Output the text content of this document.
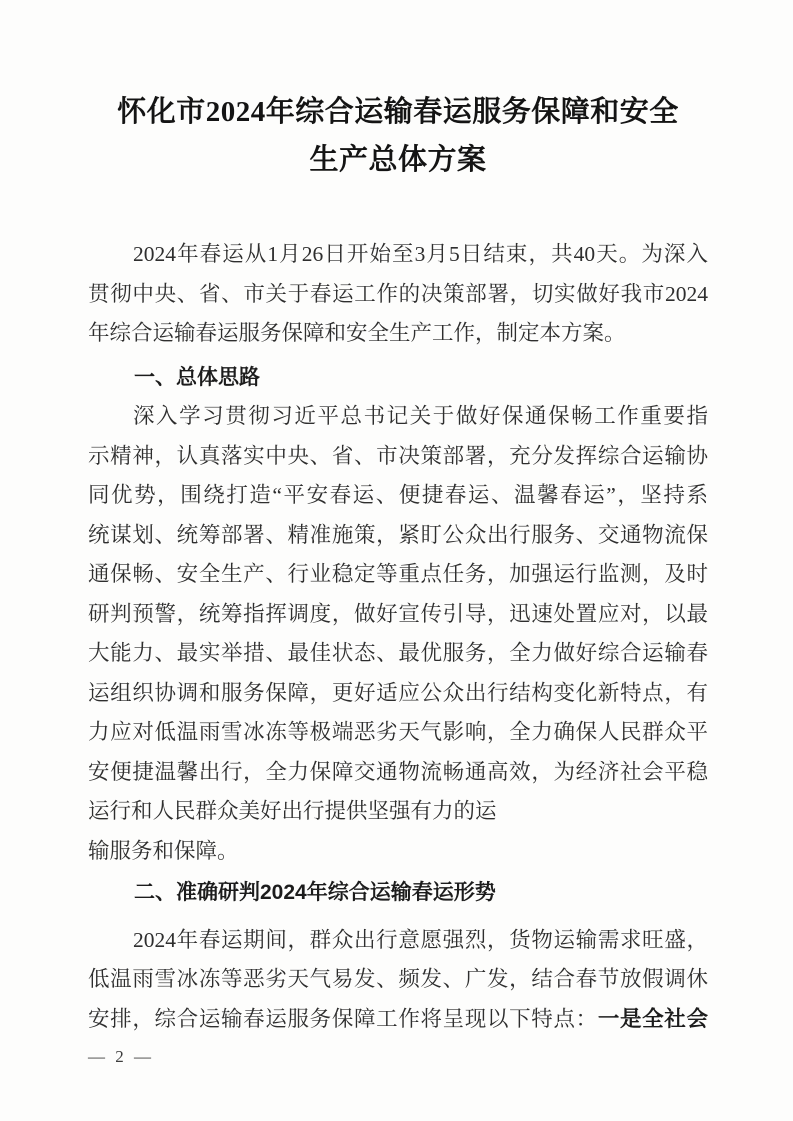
怀化市2024年综合运输春运服务保障和安全
生产总体方案
2024年春运从1月26日开始至3月5日结束，共40天。为深入
贯彻中央、省、市关于春运工作的决策部署，切实做好我市2024
年综合运输春运服务保障和安全生产工作，制定本方案。
一、总体思路
深入学习贯彻习近平总书记关于做好保通保畅工作重要指
示精神，认真落实中央、省、市决策部署，充分发挥综合运输协
同优势，围绕打造“平安春运、便捷春运、温馨春运”，坚持系
统谋划、统筹部署、精准施策，紧盯公众出行服务、交通物流保
通保畅、安全生产、行业稳定等重点任务，加强运行监测，及时
研判预警，统筹指挥调度，做好宣传引导，迅速处置应对，以最
大能力、最实举措、最佳状态、最优服务，全力做好综合运输春
运组织协调和服务保障，更好适应公众出行结构变化新特点，有
力应对低温雨雪冰冻等极端恶劣天气影响，全力确保人民群众平
安便捷温馨出行，全力保障交通物流畅通高效，为经济社会平稳
运行和人民群众美好出行提供坚强有力的运
输服务和保障。
二、准确研判2024年综合运输春运形势
2024年春运期间，群众出行意愿强烈，货物运输需求旺盛，
低温雨雪冰冻等恶劣天气易发、频发、广发，结合春节放假调休
安排，综合运输春运服务保障工作将呈现以下特点：一是全社会
— 2 —
